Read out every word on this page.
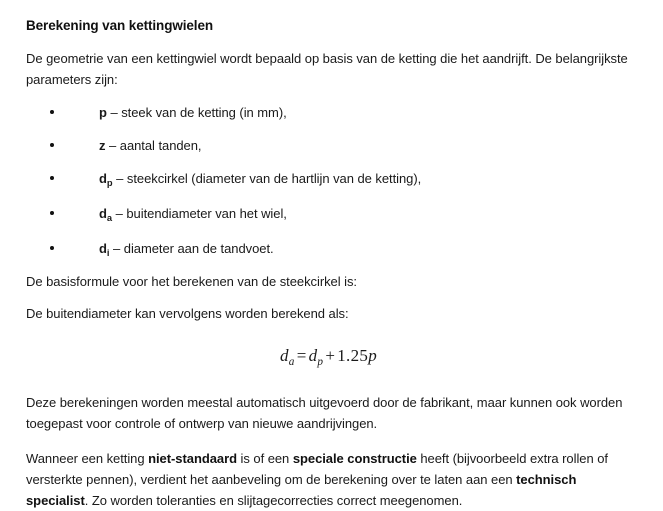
Berekening van kettingwielen

De geometrie van een kettingwiel wordt bepaald op basis van de ketting die het aandrijft. De belangrijkste parameters zijn:

p – steek van de ketting (in mm),
z – aantal tanden,
$d_p$ – steekcirkel (diameter van de hartlijn van de ketting),
$d_a$ – buitendiameter van het wiel,
$d_i$ – diameter aan de tandvoet.

De basisformule voor het berekenen van de steekcirkel is:

De buitendiameter kan vervolgens worden berekend als:

$d_a = d_p + 1.25p$

Deze berekeningen worden meestal automatisch uitgevoerd door de fabrikant, maar kunnen ook worden toegepast voor controle of ontwerp van nieuwe aandrijvingen.

Wanneer een ketting niet-standaard is of een speciale constructie heeft (bijvoorbeeld extra rollen of versterkte pennen), verdient het aanbeveling om de berekening over te laten aan een technisch specialist. Zo worden toleranties en slijtagecorrecties correct meegenomen.
